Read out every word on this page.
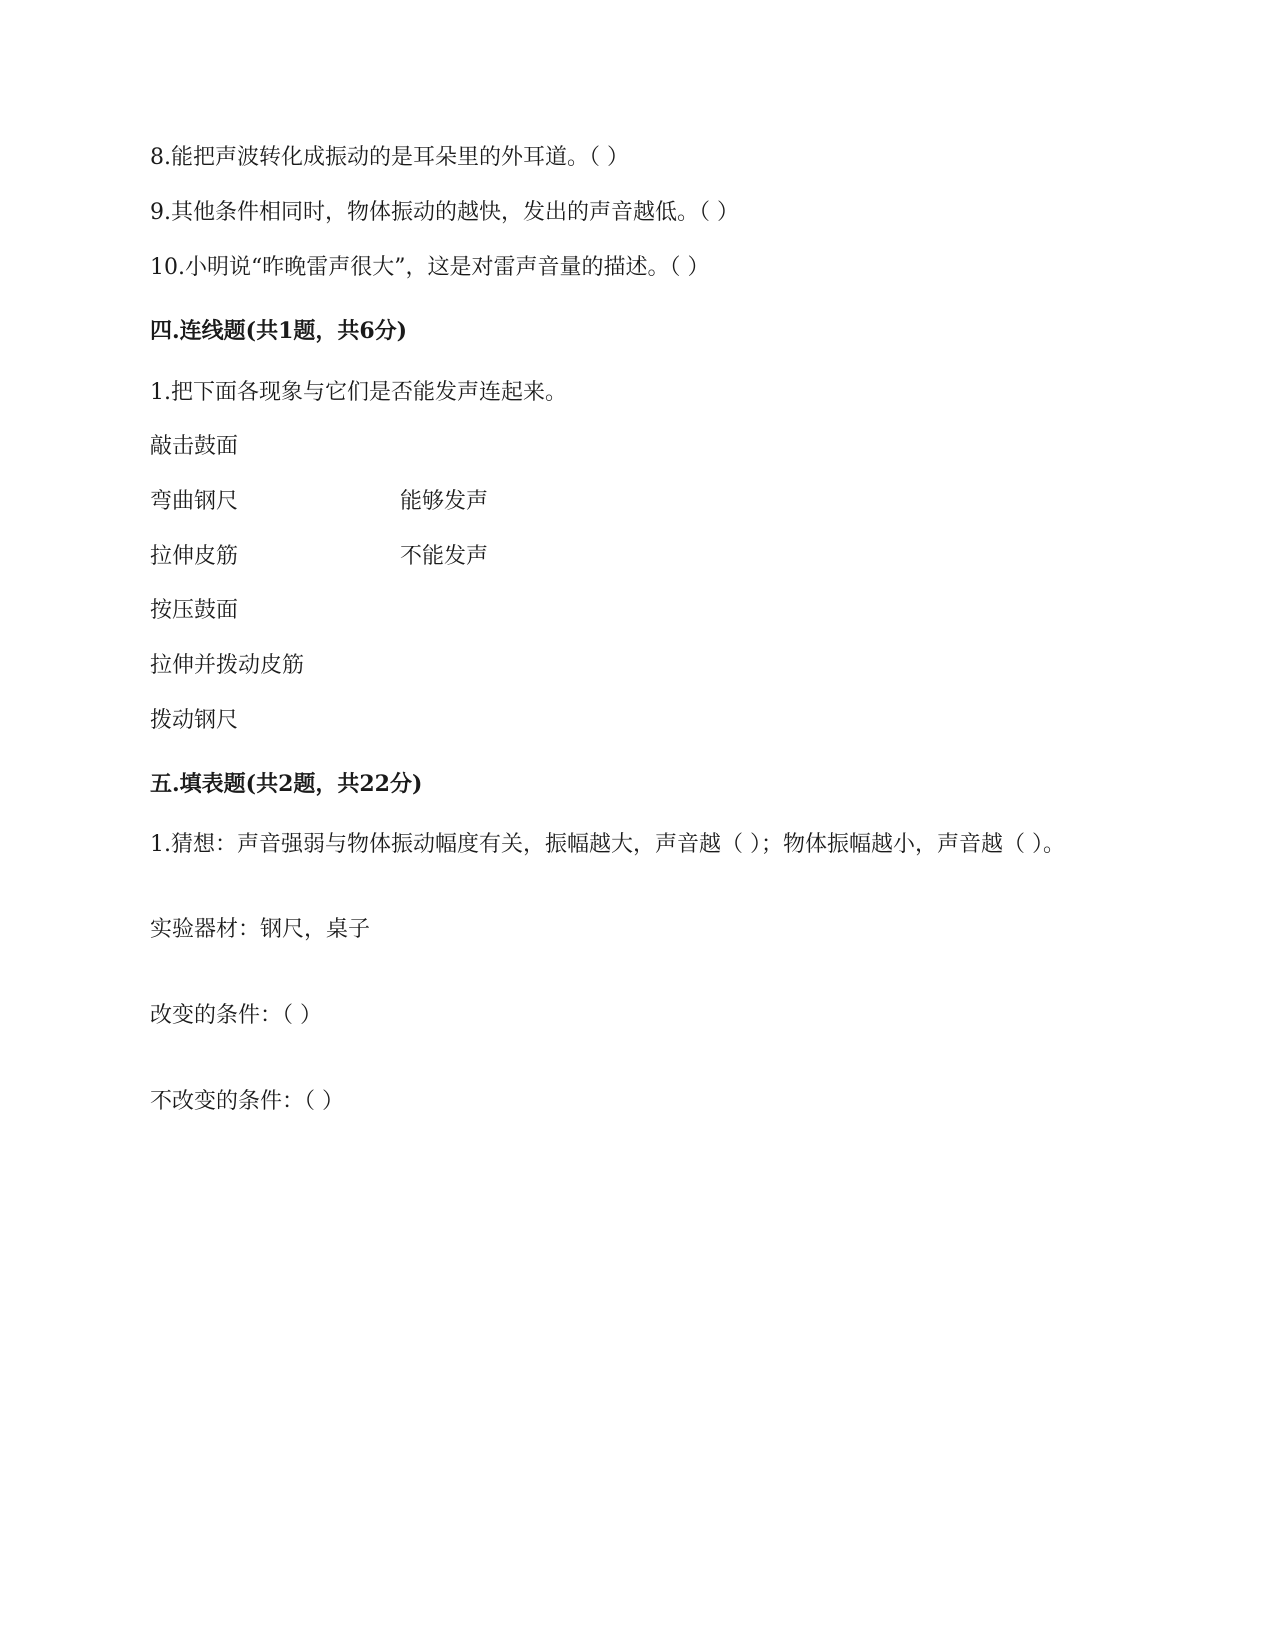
8.能把声波转化成振动的是耳朵里的外耳道。（ ）
9.其他条件相同时，物体振动的越快，发出的声音越低。（ ）
10.小明说“昨晚雷声很大”，这是对雷声音量的描述。（ ）
四.连线题(共1题，共6分)
1.把下面各现象与它们是否能发声连起来。
敲击鼓面
弯曲钢尺	能够发声
拉伸皮筋	不能发声
按压鼓面
拉伸并拨动皮筋
拨动钢尺
五.填表题(共2题，共22分)
1.猜想：声音强弱与物体振动幅度有关，振幅越大，声音越（ ）；物体振幅越小，声音越（ ）。
实验器材：钢尺，桌子
改变的条件：（ ）
不改变的条件：（ ）
